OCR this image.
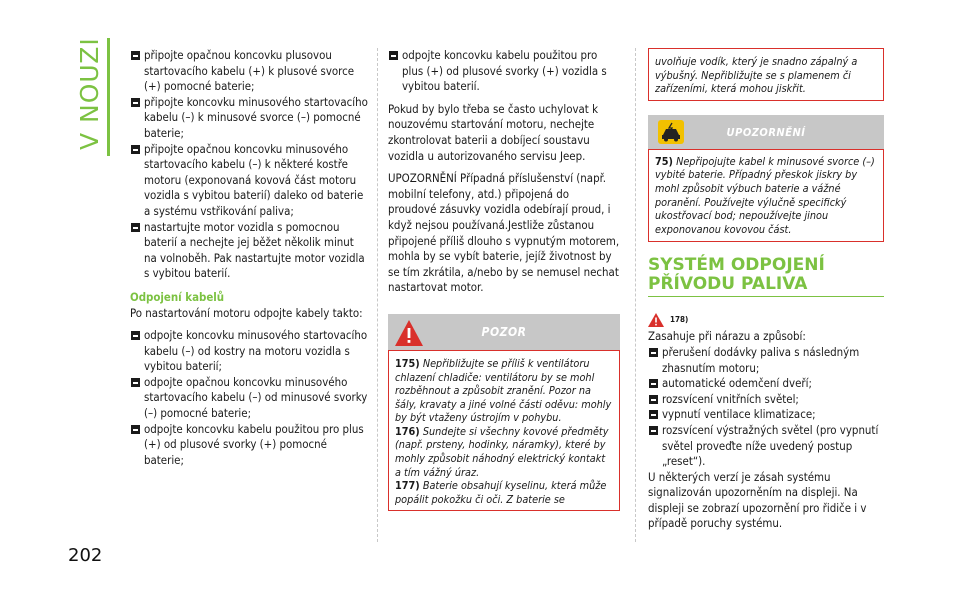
V NOUZI
202
připojte opačnou koncovku plusovou startovacího kabelu (+) k plusové svorce (+) pomocné baterie;
připojte koncovku minusového startovacího kabelu (–) k minusové svorce (–) pomocné baterie;
připojte opačnou koncovku minusového startovacího kabelu (–) k některé kostře motoru (exponovaná kovová část motoru vozidla s vybitou baterií) daleko od baterie a systému vstřikování paliva;
nastartujte motor vozidla s pomocnou baterií a nechejte jej běžet několik minut na volnoběh. Pak nastartujte motor vozidla s vybitou baterií.
Odpojení kabelů

Po nastartování motoru odpojte kabely takto:

odpojte koncovku minusového startovacího kabelu (–) od kostry na motoru vozidla s vybitou baterií;
odpojte opačnou koncovku minusového startovacího kabelu (–) od minusové svorky (–) pomocné baterie;
odpojte koncovku kabelu použitou pro plus (+) od plusové svorky (+) pomocné baterie;
odpojte koncovku kabelu použitou pro plus (+) od plusové svorky (+) vozidla s vybitou baterií.

Pokud by bylo třeba se často uchylovat k nouzovému startování motoru, nechejte zkontrolovat baterii a dobíjecí soustavu vozidla u autorizovaného servisu Jeep.

UPOZORNĚNÍ Případná příslušenství (např. mobilní telefony, atd.) připojená do proudové zásuvky vozidla odebírají proud, i když nejsou používaná.Jestliže zůstanou připojené příliš dlouho s vypnutým motorem, mohla by se vybít baterie, jejíž životnost by se tím zkrátila, a/nebo by se nemusel nechat nastartovat motor.

POZOR

175) Nepřibližujte se příliš k ventilátoru chlazení chladiče: ventilátoru by se mohl rozběhnout a způsobit zranění. Pozor na šály, kravaty a jiné volné části oděvu: mohly by být vtaženy ústrojím v pohybu.

176) Sundejte si všechny kovové předměty (např. prsteny, hodinky, náramky), které by mohly způsobit náhodný elektrický kontakt a tím vážný úraz.

177) Baterie obsahují kyselinu, která může popálit pokožku či oči. Z baterie se

uvolňuje vodík, který je snadno zápalný a výbušný. Nepřibližujte se s plamenem či zařízeními, která mohou jiskřit.

UPOZORNĚNÍ

75) Nepřipojujte kabel k minusové svorce (–) vybité baterie. Případný přeskok jiskry by mohl způsobit výbuch baterie a vážné poranění. Používejte výlučně specifický ukostřovací bod; nepoužívejte jinou exponovanou kovovou část.

SYSTÉM ODPOJENÍ
PŘÍVODU PALIVA
178)

Zasahuje při nárazu a způsobí:

přerušení dodávky paliva s následným zhasnutím motoru;
automatické odemčení dveří;
rozsvícení vnitřních světel;
vypnutí ventilace klimatizace;
rozsvícení výstražných světel (pro vypnutí světel proveďte níže uvedený postup „reset“).

U některých verzí je zásah systému signalizován upozorněním na displeji. Na displeji se zobrazí upozornění pro řidiče i v případě poruchy systému.
